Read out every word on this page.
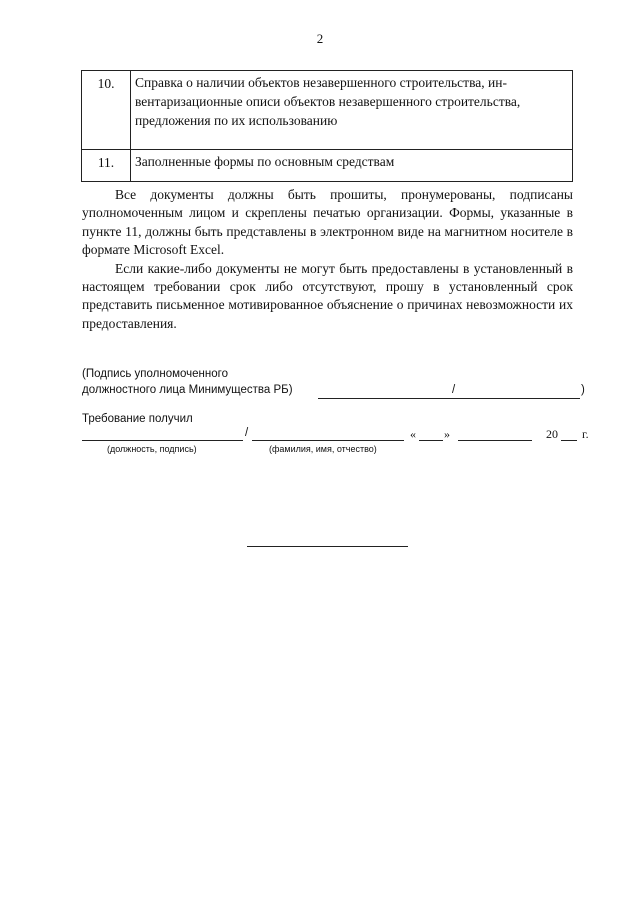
2
10.	Справка о наличии объектов незавершенного строительства, ин-
вентаризационные описи объектов незавершенного строительства,
предложения по их использованию

11.	Заполненные формы по основным средствам

Все документы должны быть прошиты, пронумерованы, подписаны уполномоченным лицом и скреплены печатью организации. Формы, указанные в пункте 11, должны быть представлены в электронном виде на магнитном носителе в формате Microsoft Excel.

Если какие-либо документы не могут быть предоставлены в установленный в настоящем требовании срок либо отсутствуют, прошу в установленный срок представить письменное мотивированное объяснение о причинах невозможности их предоставления.

(Подпись уполномоченного
должностного лица Минимущества РБ)	/	)
Требование получил
/	« »	20 г.
(должность, подпись)	(фамилия, имя, отчество)
